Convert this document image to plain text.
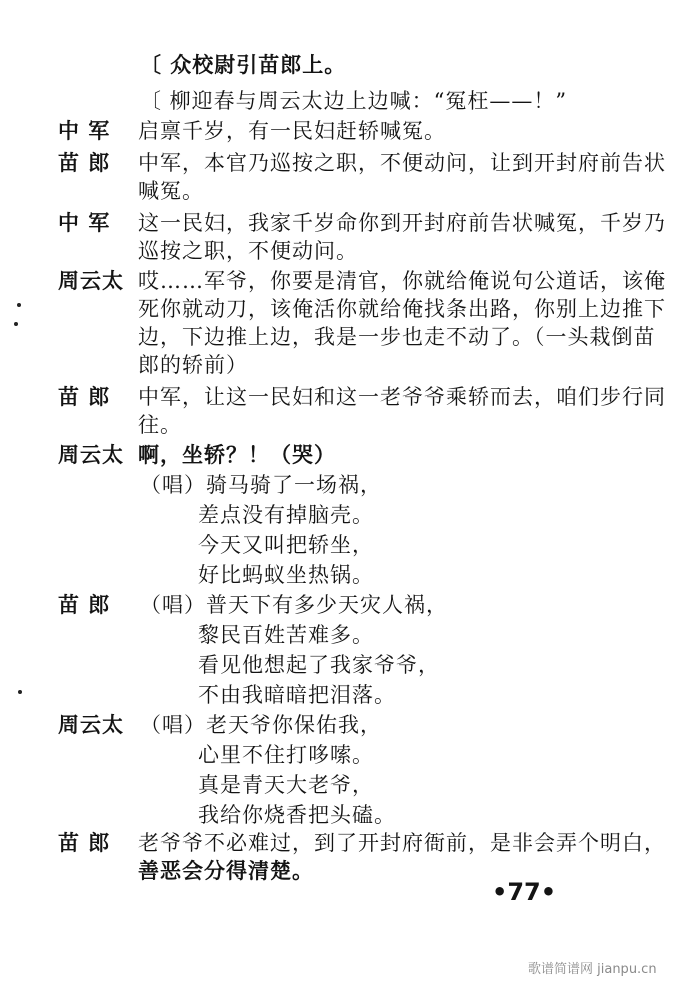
〔 众校尉引苗郎上。
〔 柳迎春与周云太边上边喊：“冤枉——！”
中 军 启禀千岁，有一民妇赶轿喊冤。
苗 郎 中军，本官乃巡按之职，不便动问，让到开封府前告状
喊冤。
中 军 这一民妇，我家千岁命你到开封府前告状喊冤，千岁乃
巡按之职，不便动问。
周云太 哎……军爷，你要是清官，你就给俺说句公道话，该俺
死你就动刀，该俺活你就给俺找条出路，你别上边推下
边，下边推上边，我是一步也走不动了。（一头栽倒苗
郎的轿前）
苗 郎 中军，让这一民妇和这一老爷爷乘轿而去，咱们步行同
往。
周云太 啊，坐轿？！（哭）
（唱）骑马骑了一场祸，
差点没有掉脑壳。
今天又叫把轿坐，
好比蚂蚁坐热锅。
苗 郎 （唱）普天下有多少天灾人祸，
黎民百姓苦难多。
看见他想起了我家爷爷，
不由我暗暗把泪落。
周云太 （唱）老天爷你保佑我，
心里不住打哆嗦。
真是青天大老爷，
我给你烧香把头磕。
苗 郎 老爷爷不必难过，到了开封府衙前，是非会弄个明白，
善恶会分得清楚。
•77•
歌谱简谱网 jianpu.cn
